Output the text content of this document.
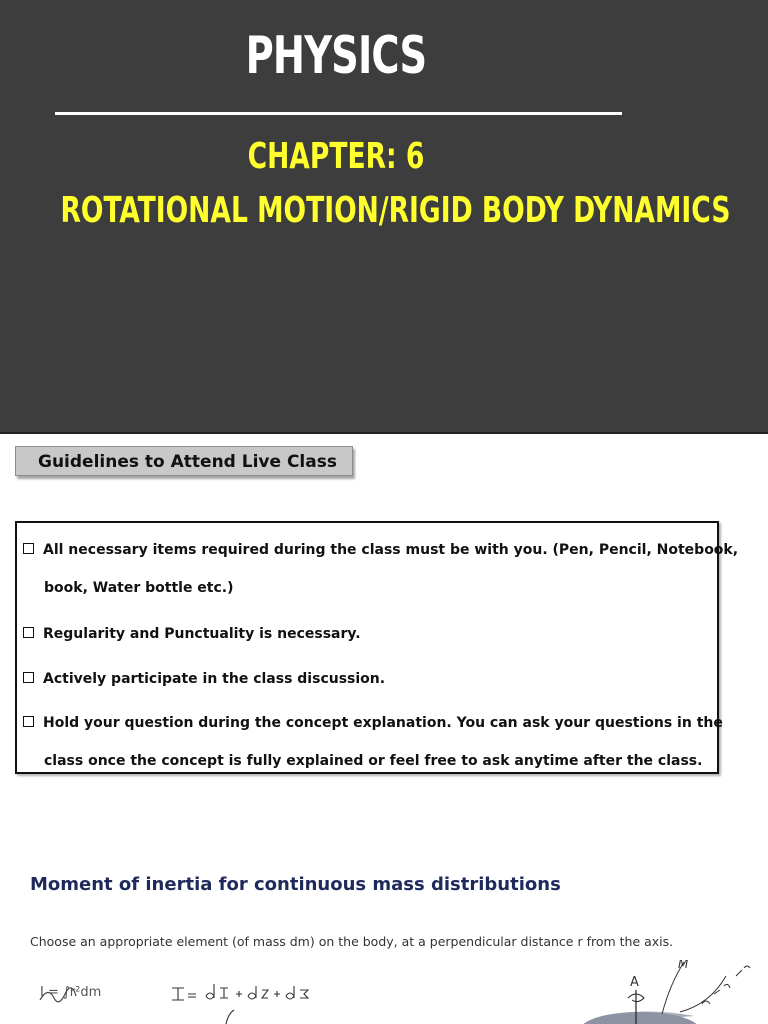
PHYSICS
CHAPTER: 6
ROTATIONAL MOTION/RIGID BODY DYNAMICS
Guidelines to Attend Live Class
All necessary items required during the class must be with you. (Pen, Pencil, Notebook,
book, Water bottle etc.)
Regularity and Punctuality is necessary.
Actively participate in the class discussion.
Hold your question during the concept explanation. You can ask your questions in the
class once the concept is fully explained or feel free to ask anytime after the class.
Moment of inertia for continuous mass distributions
Choose an appropriate element (of mass dm) on the body, at a perpendicular distance r from the axis.
I = ∫r²dm
A
M
